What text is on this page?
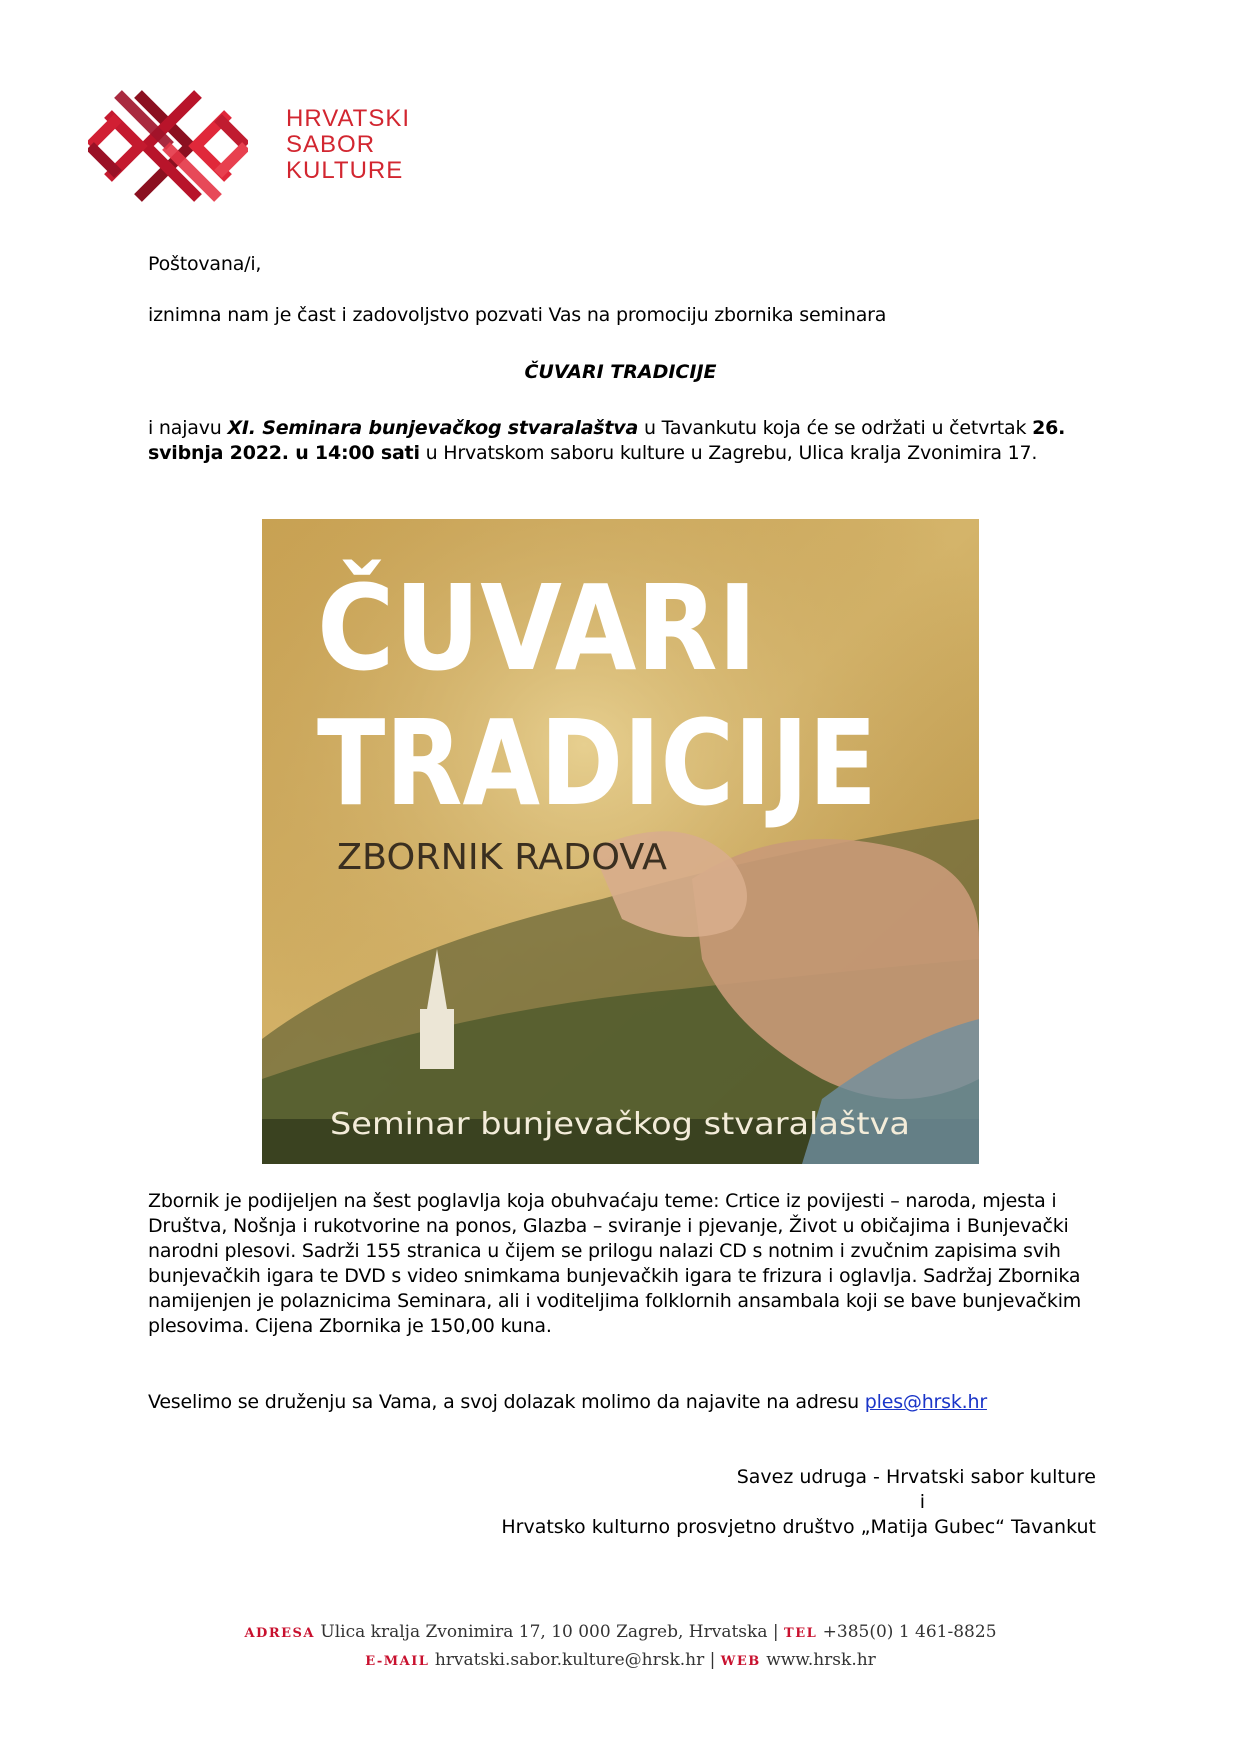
HRVATSKI
SABOR
KULTURE
Poštovana/i,
iznimna nam je čast i zadovoljstvo pozvati Vas na promociju zbornika seminara
ČUVARI TRADICIJE
i najavu XI. Seminara bunjevačkog stvaralaštva u Tavankutu koja će se održati u četvrtak 26.
svibnja 2022. u 14:00 sati u Hrvatskom saboru kulture u Zagrebu, Ulica kralja Zvonimira 17.
ČUVARI
TRADICIJE
ZBORNIK RADOVA
Seminar bunjevačkog stvaralaštva
Zbornik je podijeljen na šest poglavlja koja obuhvaćaju teme: Crtice iz povijesti – naroda, mjesta i
Društva, Nošnja i rukotvorine na ponos, Glazba – sviranje i pjevanje, Život u običajima i Bunjevački
narodni plesovi. Sadrži 155 stranica u čijem se prilogu nalazi CD s notnim i zvučnim zapisima svih
bunjevačkih igara te DVD s video snimkama bunjevačkih igara te frizura i oglavlja. Sadržaj Zbornika
namijenjen je polaznicima Seminara, ali i voditeljima folklornih ansambala koji se bave bunjevačkim
plesovima. Cijena Zbornika je 150,00 kuna.
Veselimo se druženju sa Vama, a svoj dolazak molimo da najavite na adresu ples@hrsk.hr
Savez udruga - Hrvatski sabor kulture
i
Hrvatsko kulturno prosvjetno društvo „Matija Gubec“ Tavankut
ADRESA Ulica kralja Zvonimira 17, 10 000 Zagreb, Hrvatska | TEL +385(0) 1 461-8825
E-MAIL hrvatski.sabor.kulture@hrsk.hr | WEB www.hrsk.hr
